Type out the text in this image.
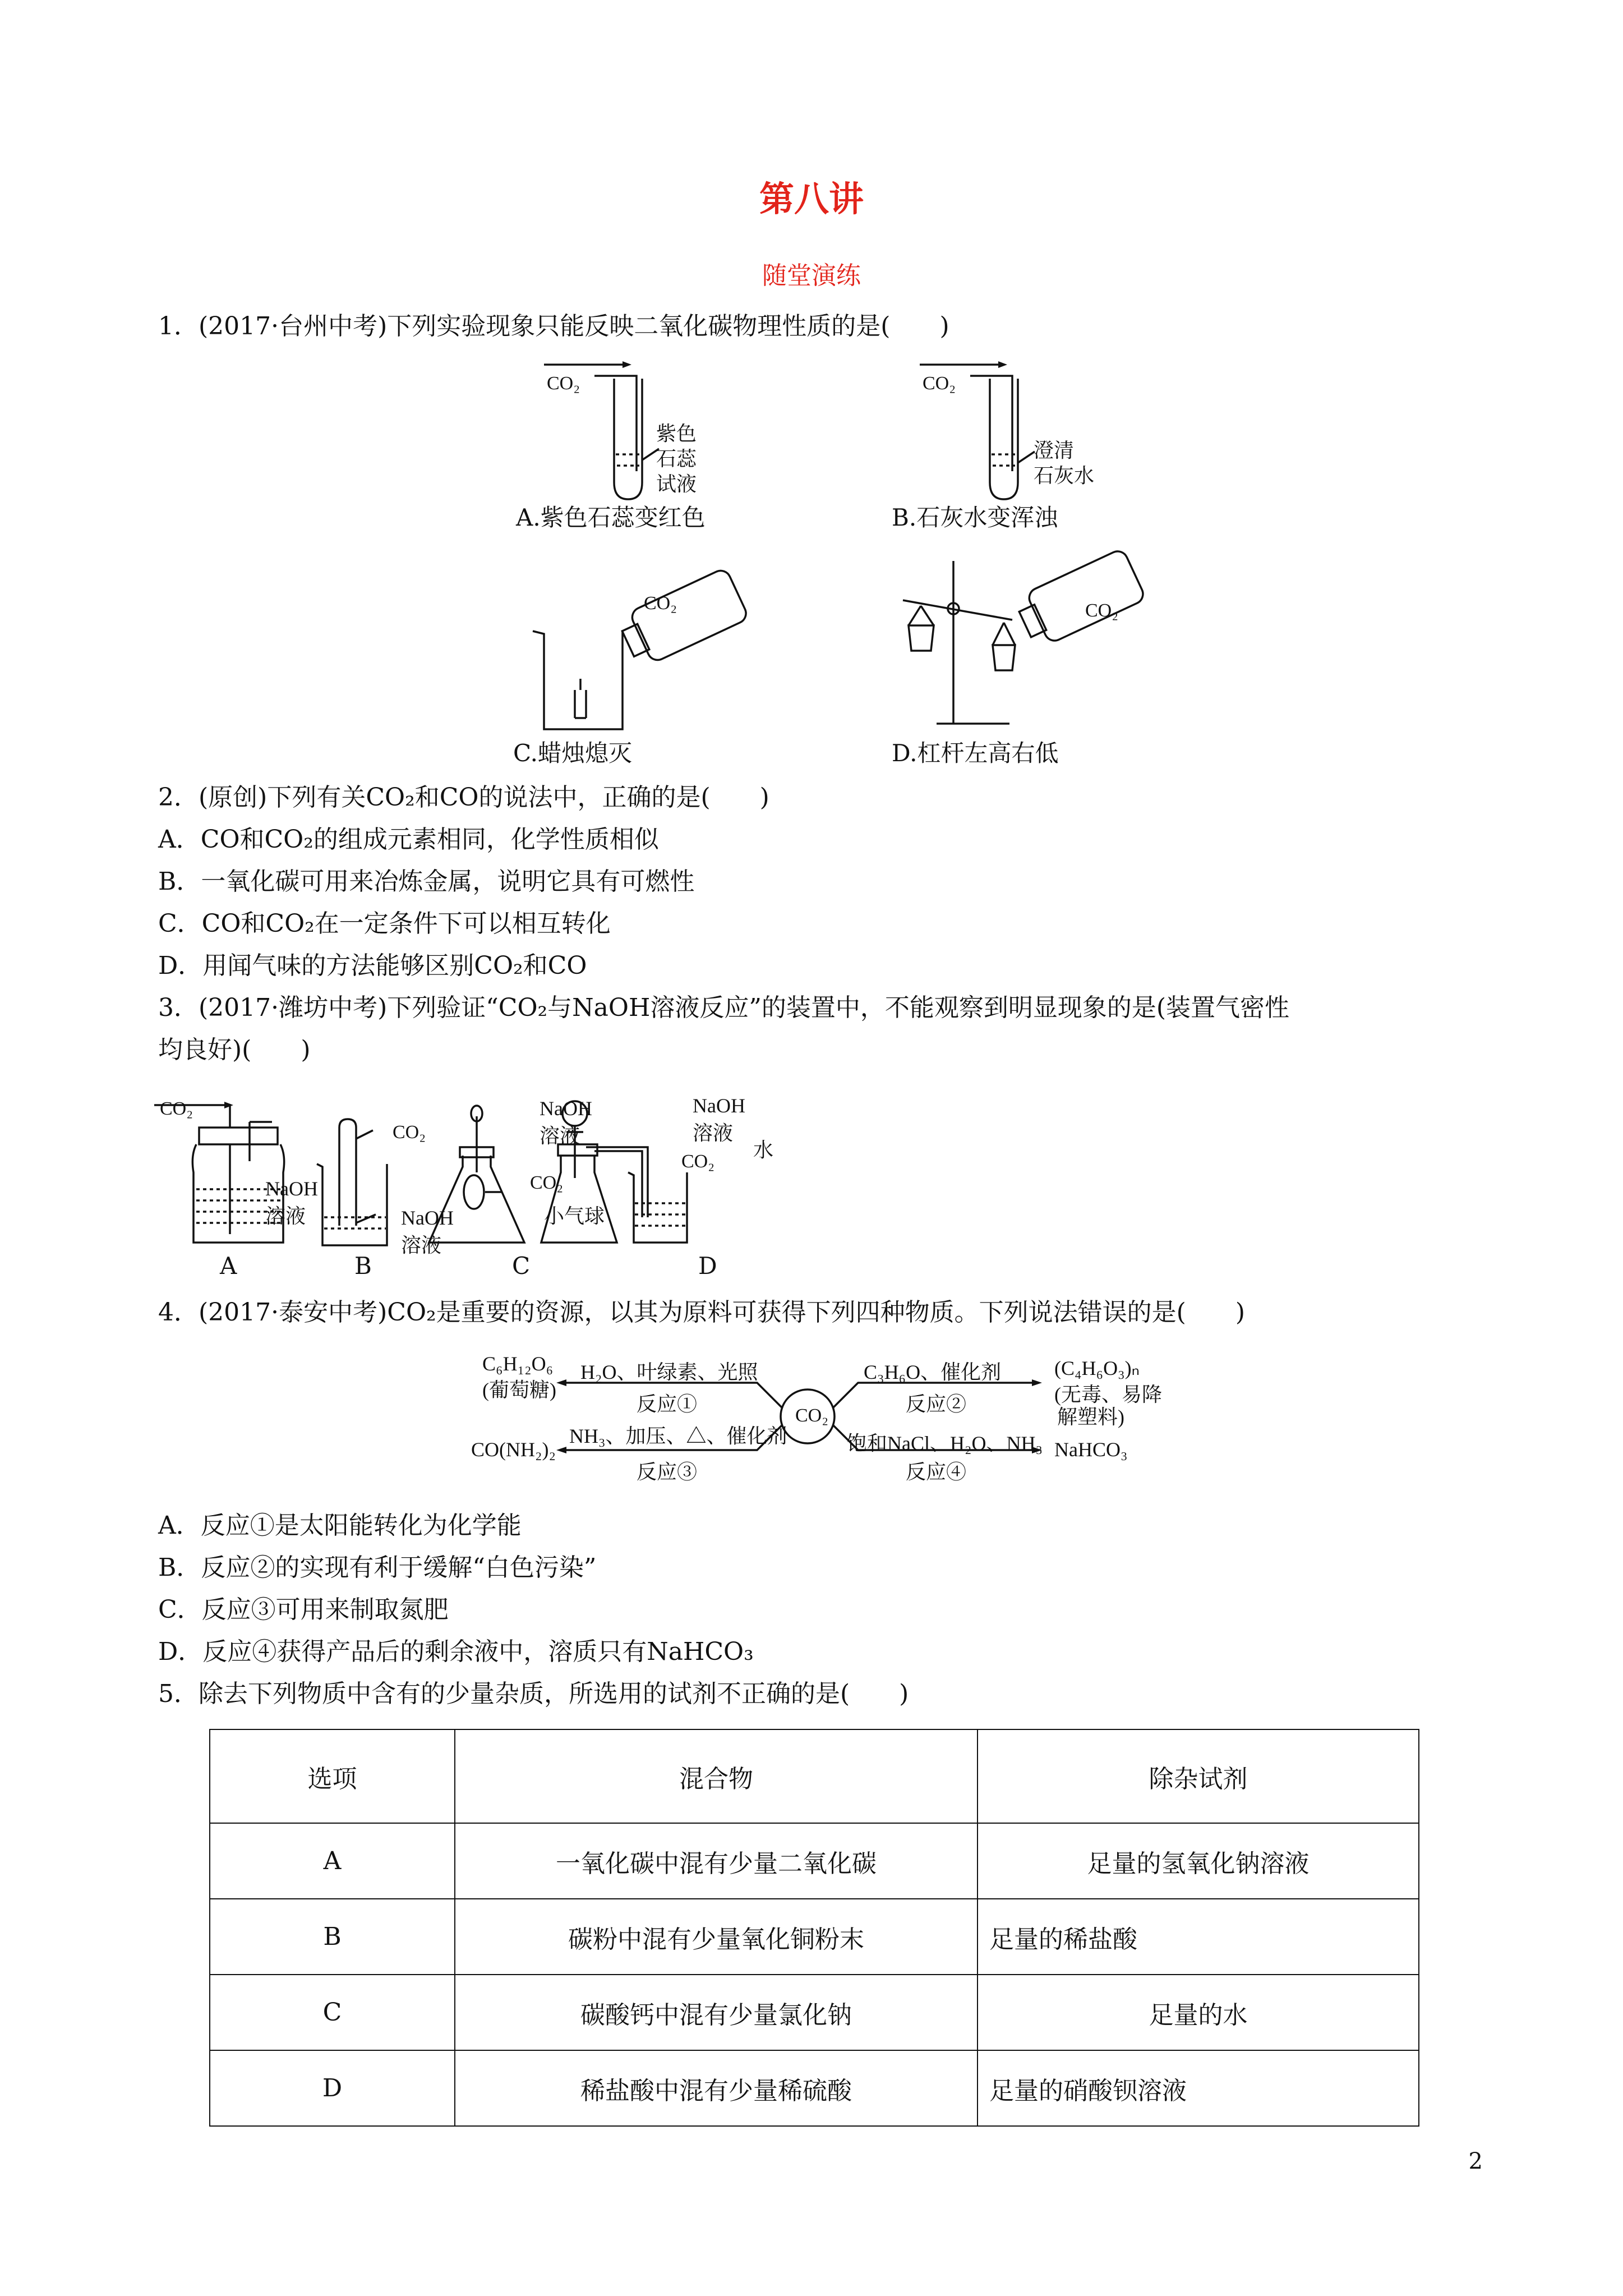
第八讲
随堂演练
1．(2017·台州中考)下列实验现象只能反映二氧化碳物理性质的是(　　)
CO₂
紫色
石蕊
试液
A.紫色石蕊变红色
CO₂
澄清
石灰水
B.石灰水变浑浊
CO₂
C.蜡烛熄灭
CO₂
D.杠杆左高右低
2．(原创)下列有关CO₂和CO的说法中，正确的是(　　)
A．CO和CO₂的组成元素相同，化学性质相似
B．一氧化碳可用来冶炼金属，说明它具有可燃性
C．CO和CO₂在一定条件下可以相互转化
D．用闻气味的方法能够区别CO₂和CO
3．(2017·潍坊中考)下列验证“CO₂与NaOH溶液反应”的装置中，不能观察到明显现象的是(装置气密性
均良好)(　　)
CO₂
NaOH
溶液
CO₂
NaOH
溶液
NaOH
溶液
CO₂
小气球
NaOH
溶液
CO₂
水
A	B	C	D
4．(2017·泰安中考)CO₂是重要的资源，以其为原料可获得下列四种物质。下列说法错误的是(　　)
CO₂
C₆H₁₂O₆
(葡萄糖)
H₂O、叶绿素、光照
反应①
C₃H₆O、催化剂
反应②
(C₄H₆O₃)ₙ
(无毒、易降
解塑料)
NH₃、加压、△、催化剂
CO(NH₂)₂
反应③
饱和NaCl、H₂O、NH₃
反应④
NaHCO₃
A．反应①是太阳能转化为化学能
B．反应②的实现有利于缓解“白色污染”
C．反应③可用来制取氮肥
D．反应④获得产品后的剩余液中，溶质只有NaHCO₃
5．除去下列物质中含有的少量杂质，所选用的试剂不正确的是(　　)
选项	混合物	除杂试剂
A	一氧化碳中混有少量二氧化碳	足量的氢氧化钠溶液
B	碳粉中混有少量氧化铜粉末	足量的稀盐酸
C	碳酸钙中混有少量氯化钠	足量的水
D	稀盐酸中混有少量稀硫酸	足量的硝酸钡溶液
2
